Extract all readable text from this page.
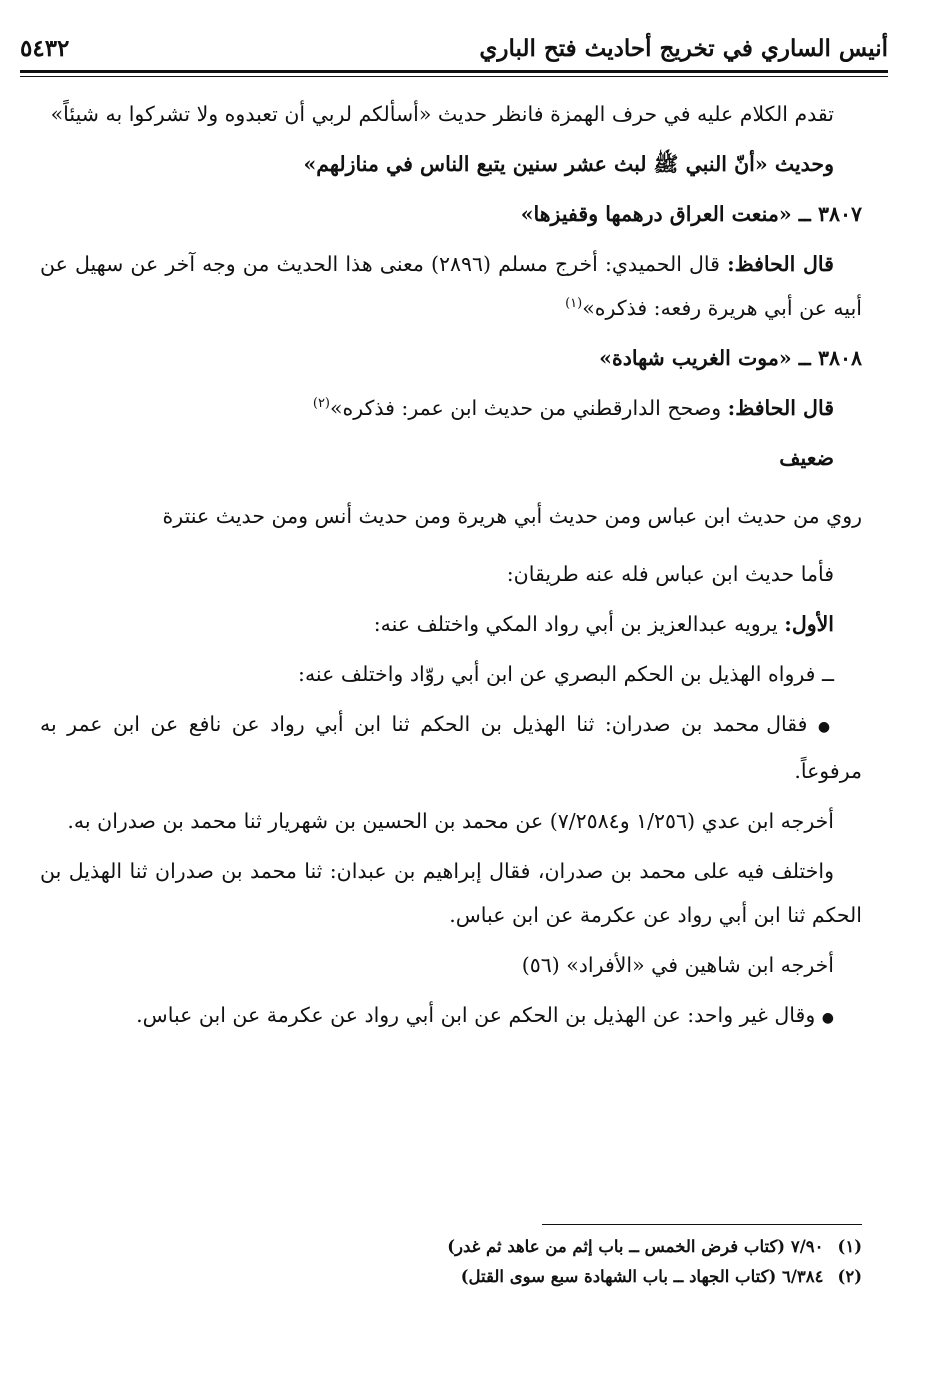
أنيس الساري في تخريج أحاديث فتح الباري
٥٤٣٢

تقدم الكلام عليه في حرف الهمزة فانظر حديث «أسألكم لربي أن تعبدوه ولا تشركوا به شيئاً»

وحديث «أنّ النبي ﷺ لبث عشر سنين يتبع الناس في منازلهم»

٣٨٠٧ ــ «منعت العراق درهمها وقفيزها»

قال الحافظ: قال الحميدي: أخرج مسلم (٢٨٩٦) معنى هذا الحديث من وجه آخر عن سهيل عن أبيه عن أبي هريرة رفعه: فذكره»$^{(١)}$

٣٨٠٨ ــ «موت الغريب شهادة»

قال الحافظ: وصحح الدارقطني من حديث ابن عمر: فذكره»$^{(٢)}$

ضعيف

روي من حديث ابن عباس ومن حديث أبي هريرة ومن حديث أنس ومن حديث عنترة

فأما حديث ابن عباس فله عنه طريقان:

الأول: يرويه عبدالعزيز بن أبي رواد المكي واختلف عنه:

ــ فرواه الهذيل بن الحكم البصري عن ابن أبي روّاد واختلف عنه:

● فقال محمد بن صدران: ثنا الهذيل بن الحكم ثنا ابن أبي رواد عن نافع عن ابن عمر به مرفوعاً.

أخرجه ابن عدي (١/٢٥٦ و٧/٢٥٨٤) عن محمد بن الحسين بن شهريار ثنا محمد بن صدران به.

واختلف فيه على محمد بن صدران، فقال إبراهيم بن عبدان: ثنا محمد بن صدران ثنا الهذيل بن الحكم ثنا ابن أبي رواد عن عكرمة عن ابن عباس.

أخرجه ابن شاهين في «الأفراد» (٥٦)

● وقال غير واحد: عن الهذيل بن الحكم عن ابن أبي رواد عن عكرمة عن ابن عباس.

(١)٧/٩٠ (كتاب فرض الخمس ــ باب إثم من عاهد ثم غدر)
(٢)٦/٣٨٤ (كتاب الجهاد ــ باب الشهادة سبع سوى القتل)
